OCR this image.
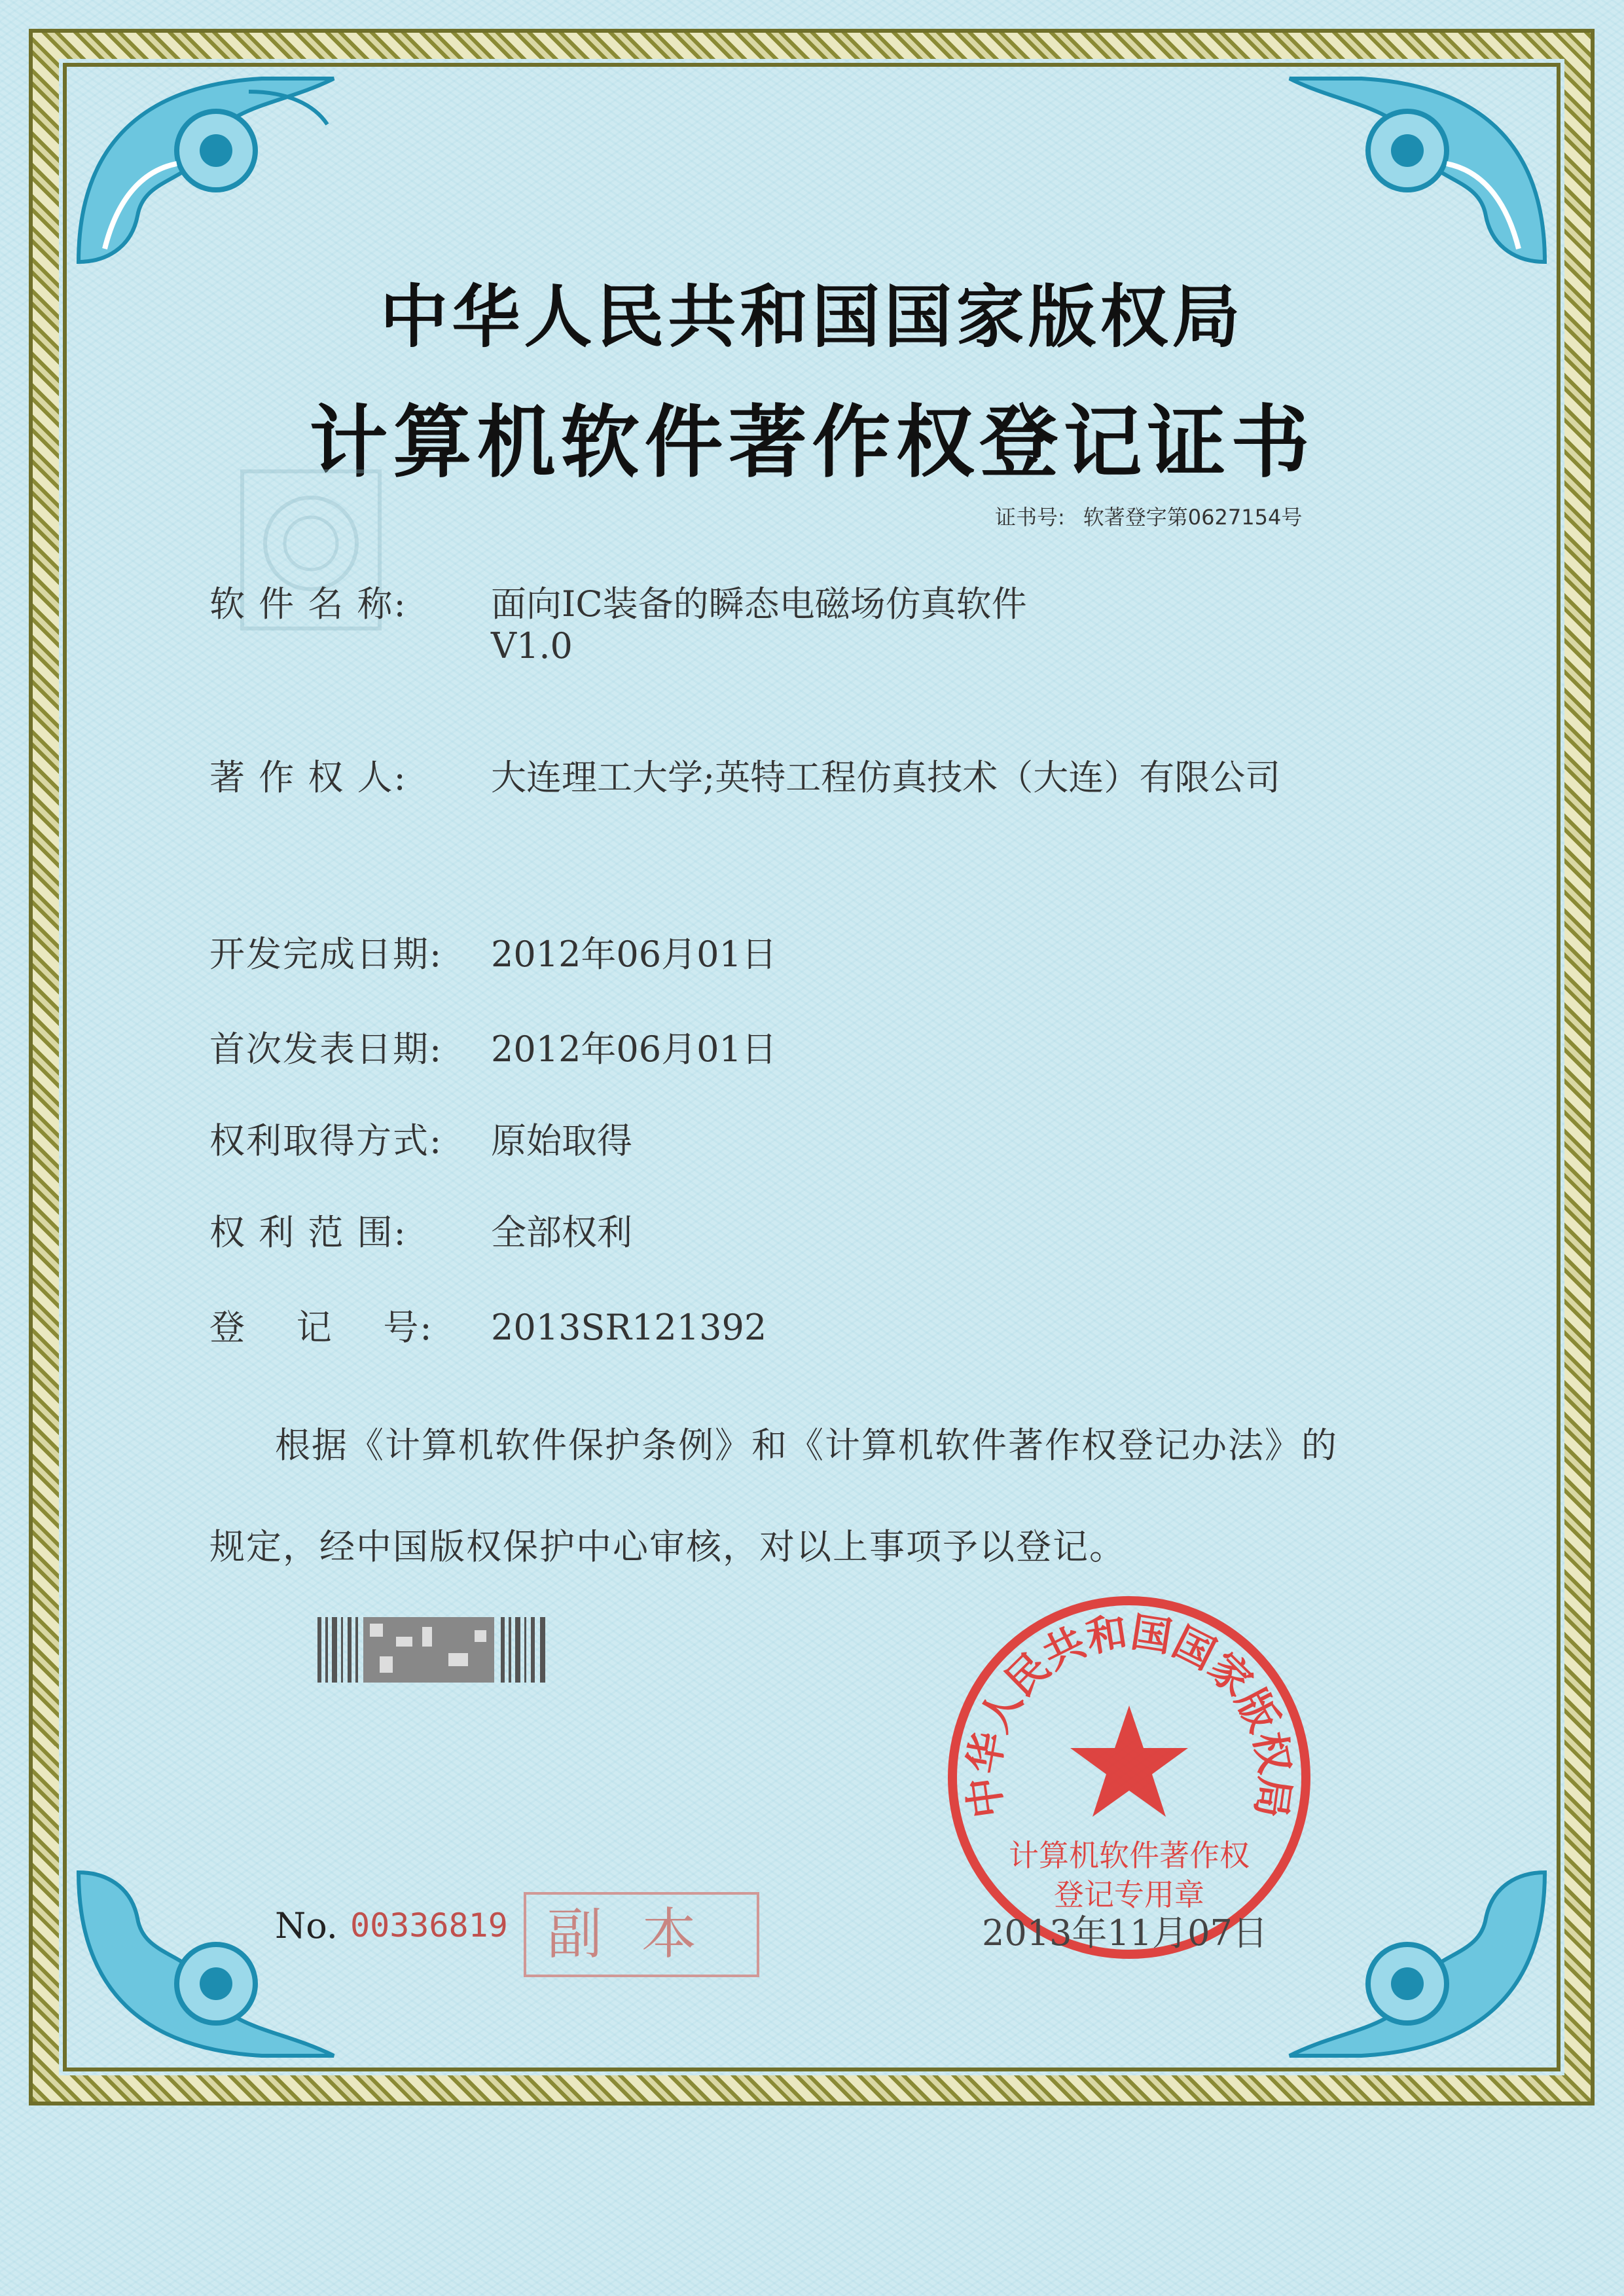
中华人民共和国国家版权局
计算机软件著作权登记证书
证书号: 软著登字第0627154号
软 件 名 称: 面向IC装备的瞬态电磁场仿真软件
V1.0
著 作 权 人: 大连理工大学;英特工程仿真技术（大连）有限公司
开发完成日期: 2012年06月01日
首次发表日期: 2012年06月01日
权利取得方式: 原始取得
权 利 范 围: 全部权利
登    记    号: 2013SR121392
根据《计算机软件保护条例》和《计算机软件著作权登记办法》的
规定，经中国版权保护中心审核，对以上事项予以登记。
中华人民共和国国家版权局
计算机软件著作权
登记专用章
No. 00336819 副本	2013年11月07日
